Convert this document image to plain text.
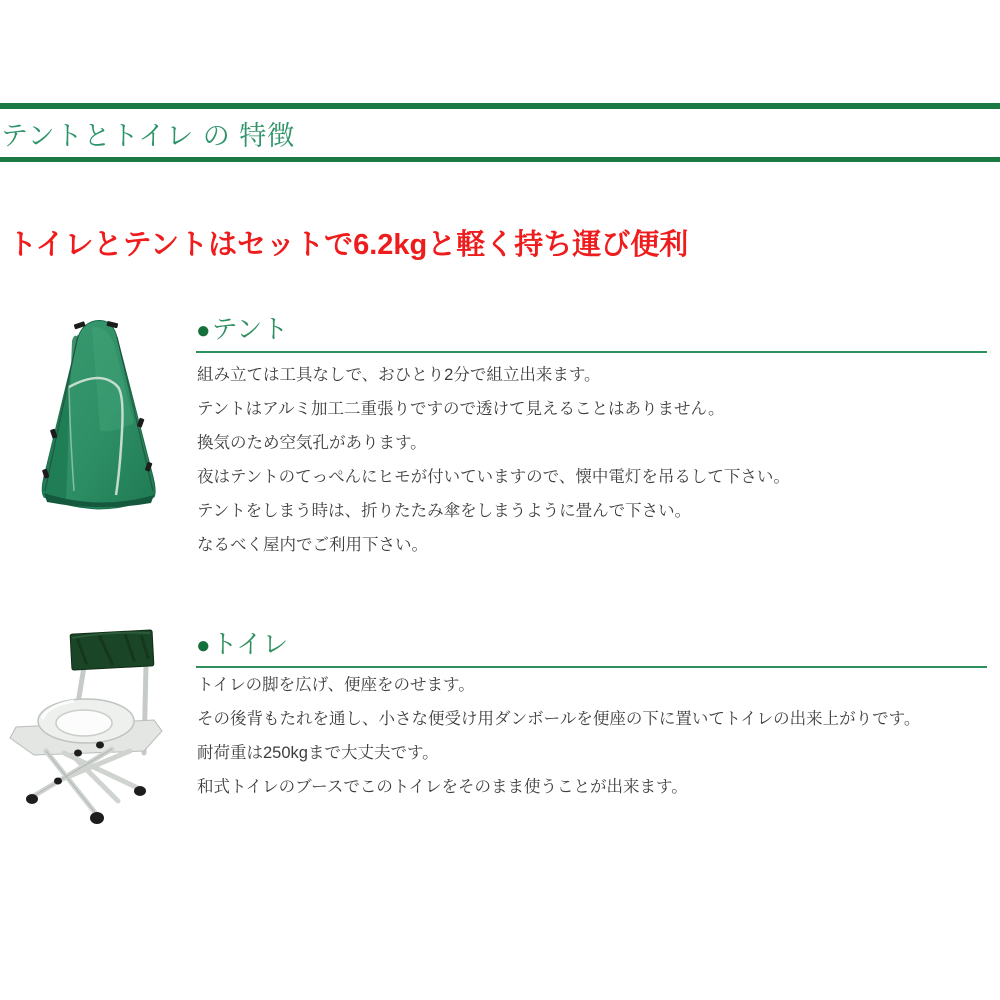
テントとトイレ の 特徴
トイレとテントはセットで6.2kgと軽く持ち運び便利
●テント
組み立ては工具なしで、おひとり2分で組立出来ます。
テントはアルミ加工二重張りですので透けて見えることはありません。
換気のため空気孔があります。
夜はテントのてっぺんにヒモが付いていますので、懐中電灯を吊るして下さい。
テントをしまう時は、折りたたみ傘をしまうように畳んで下さい。
なるべく屋内でご利用下さい。
●トイレ
トイレの脚を広げ、便座をのせます。
その後背もたれを通し、小さな便受け用ダンボールを便座の下に置いてトイレの出来上がりです。
耐荷重は250kgまで大丈夫です。
和式トイレのブースでこのトイレをそのまま使うことが出来ます。
